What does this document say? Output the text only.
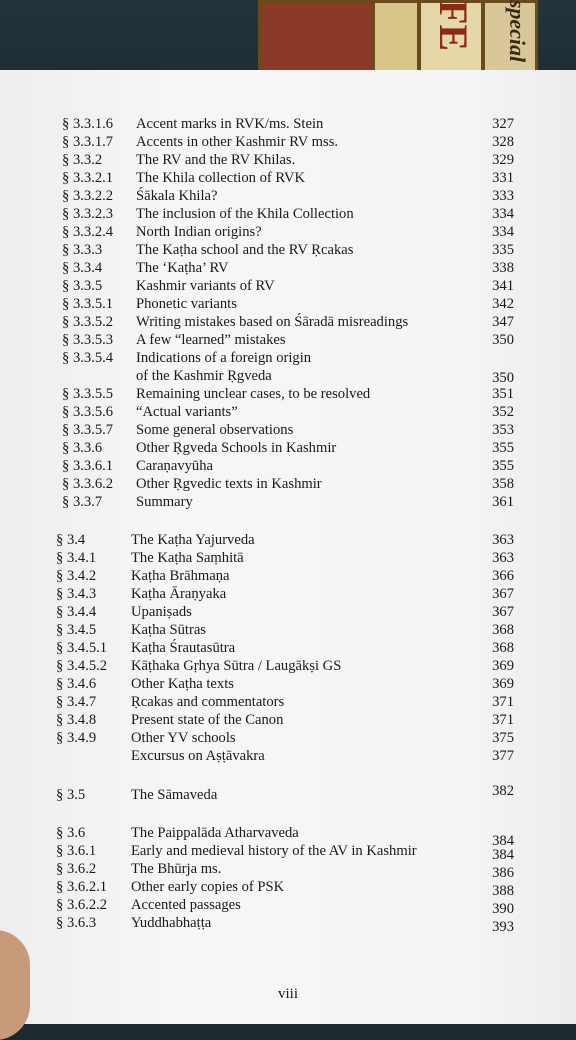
FE special
§ 3.3.1.6 Accent marks in RVK/ms. Stein	327
§ 3.3.1.7 Accents in other Kashmir RV mss.	328
§ 3.3.2 The RV and the RV Khilas.	329
§ 3.3.2.1 The Khila collection of RVK	331
§ 3.3.2.2 Śākala Khila?	333
§ 3.3.2.3 The inclusion of the Khila Collection	334
§ 3.3.2.4 North Indian origins?	334
§ 3.3.3 The Kaṭha school and the RV Ṛcakas	335
§ 3.3.4 The ‘Kaṭha’ RV	338
§ 3.3.5 Kashmir variants of RV	341
§ 3.3.5.1 Phonetic variants	342
§ 3.3.5.2 Writing mistakes based on Śāradā misreadings	347
§ 3.3.5.3 A few “learned” mistakes	350
§ 3.3.5.4 Indications of a foreign origin
of the Kashmir Ṛgveda	350
§ 3.3.5.5 Remaining unclear cases, to be resolved	351
§ 3.3.5.6 “Actual variants”	352
§ 3.3.5.7 Some general observations	353
§ 3.3.6 Other Ṛgveda Schools in Kashmir	355
§ 3.3.6.1 Caraṇavyūha	355
§ 3.3.6.2 Other Ṛgvedic texts in Kashmir	358
§ 3.3.7 Summary	361
§ 3.4	The Kaṭha Yajurveda	363
§ 3.4.1 The Kaṭha Saṃhitā	363
§ 3.4.2 Kaṭha Brāhmaṇa	366
§ 3.4.3 Kaṭha Āraṇyaka	367
§ 3.4.4 Upaniṣads	367
§ 3.4.5 Kaṭha Sūtras	368
§ 3.4.5.1 Kaṭha Śrautasūtra	368
§ 3.4.5.2 Kāṭhaka Gṛhya Sūtra / Laugākṣi GS	369
§ 3.4.6 Other Kaṭha texts	369
§ 3.4.7 Ṛcakas and commentators	371
§ 3.4.8 Present state of the Canon	371
§ 3.4.9 Other YV schools	375
Excursus on Aṣṭāvakra	377
§ 3.5	The Sāmaveda	382
§ 3.6	The Paippalāda Atharvaveda	384
§ 3.6.1 Early and medieval history of the AV in Kashmir	384
§ 3.6.2 The Bhūrja ms.	386
§ 3.6.2.1 Other early copies of PSK	388
§ 3.6.2.2 Accented passages	390
§ 3.6.3 Yuddhabhaṭṭa	393
viii
